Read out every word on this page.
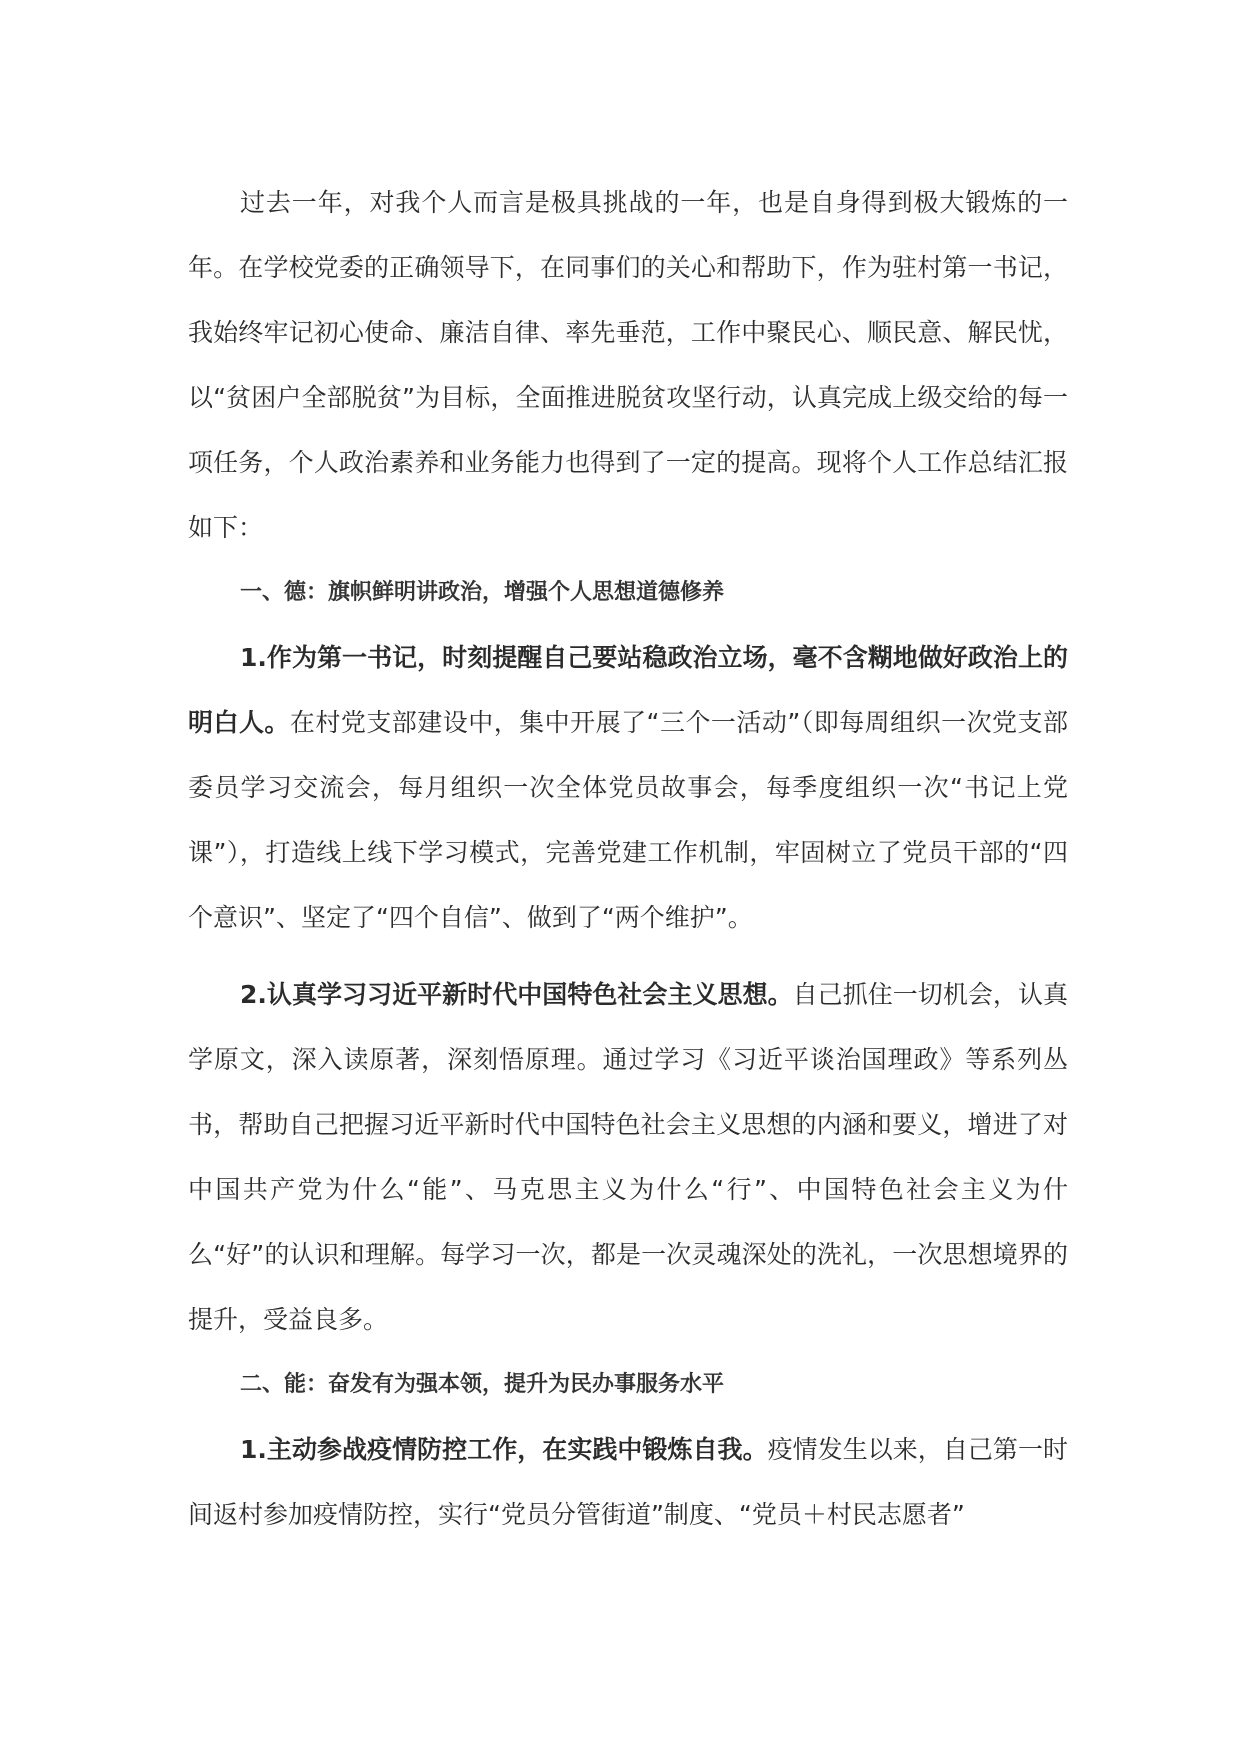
过去一年，对我个人而言是极具挑战的一年，也是自身得到极大锻炼的一年。在学校党委的正确领导下，在同事们的关心和帮助下，作为驻村第一书记，我始终牢记初心使命、廉洁自律、率先垂范，工作中聚民心、顺民意、解民忧，以“贫困户全部脱贫”为目标，全面推进脱贫攻坚行动，认真完成上级交给的每一项任务，个人政治素养和业务能力也得到了一定的提高。现将个人工作总结汇报如下：

一、德：旗帜鲜明讲政治，增强个人思想道德修养

1.作为第一书记，时刻提醒自己要站稳政治立场，毫不含糊地做好政治上的明白人。在村党支部建设中，集中开展了“三个一活动”（即每周组织一次党支部委员学习交流会，每月组织一次全体党员故事会，每季度组织一次“书记上党课”），打造线上线下学习模式，完善党建工作机制，牢固树立了党员干部的“四个意识”、坚定了“四个自信”、做到了“两个维护”。

2.认真学习习近平新时代中国特色社会主义思想。自己抓住一切机会，认真学原文，深入读原著，深刻悟原理。通过学习《习近平谈治国理政》等系列丛书，帮助自己把握习近平新时代中国特色社会主义思想的内涵和要义，增进了对中国共产党为什么“能”、马克思主义为什么“行”、中国特色社会主义为什么“好”的认识和理解。每学习一次，都是一次灵魂深处的洗礼，一次思想境界的提升，受益良多。

二、能：奋发有为强本领，提升为民办事服务水平

1.主动参战疫情防控工作，在实践中锻炼自我。疫情发生以来，自己第一时间返村参加疫情防控，实行“党员分管街道”制度、“党员＋村民志愿者”
